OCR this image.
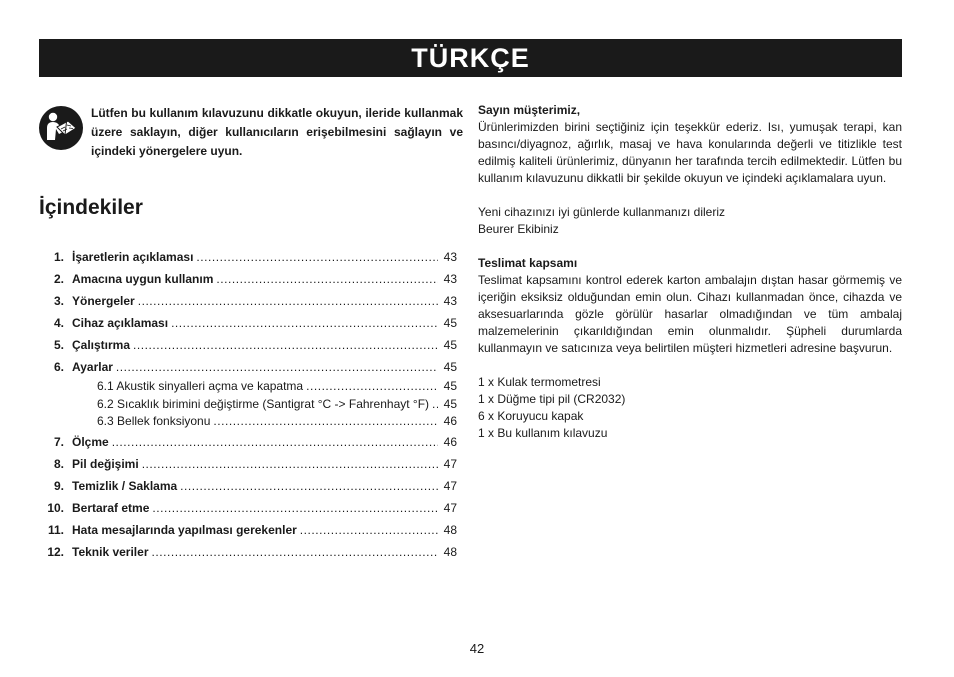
TÜRKÇE
Lütfen bu kullanım kılavuzunu dikkatle okuyun, ileride kullanmak üzere saklayın, diğer kullanıcıların erişebilmesini sağlayın ve içindeki yönergelere uyun.
İçindekiler
1. İşaretlerin açıklaması . . .	43
2. Amacına uygun kullanım . . .	43
3. Yönergeler . . .	43
4. Cihaz açıklaması . . .	45
5. Çalıştırma . . .	45
6. Ayarlar . . .	45
6.1 Akustik sinyalleri açma ve kapatma . . .	45
6.2 Sıcaklık birimini değiştirme (Santigrat °C -> Fahrenhayt °F) . . . 45
6.3 Bellek fonksiyonu . . .	46
7. Ölçme . . .	46
8. Pil değişimi . . .	47
9. Temizlik / Saklama . . .	47
10. Bertaraf etme . . .	47
11. Hata mesajlarında yapılması gerekenler . . .	48
12. Teknik veriler . . .	48

Sayın müşterimiz,

Ürünlerimizden birini seçtiğiniz için teşekkür ederiz. Isı, yumuşak terapi, kan basıncı/diyagnoz, ağırlık, masaj ve hava konularında değerli ve titizlikle test edilmiş kaliteli ürünlerimiz, dünyanın her tarafında tercih edilmektedir. Lütfen bu kullanım kılavuzunu dikkatli bir şekilde okuyun ve içindeki açıklamalara uyun.

Yeni cihazınızı iyi günlerde kullanmanızı dileriz

Beurer Ekibiniz

Teslimat kapsamı

Teslimat kapsamını kontrol ederek karton ambalajın dıştan hasar görmemiş ve içeriğin eksiksiz olduğundan emin olun. Cihazı kullanmadan önce, cihazda ve aksesuarlarında gözle görülür hasarlar olmadığından ve tüm ambalaj malzemelerinin çıkarıldığından emin olunmalıdır. Şüpheli durumlarda kullanmayın ve satıcınıza veya belirtilen müşteri hizmetleri adresine başvurun.

1 x Kulak termometresi

1 x Düğme tipi pil (CR2032)

6 x Koruyucu kapak

1 x Bu kullanım kılavuzu

42
